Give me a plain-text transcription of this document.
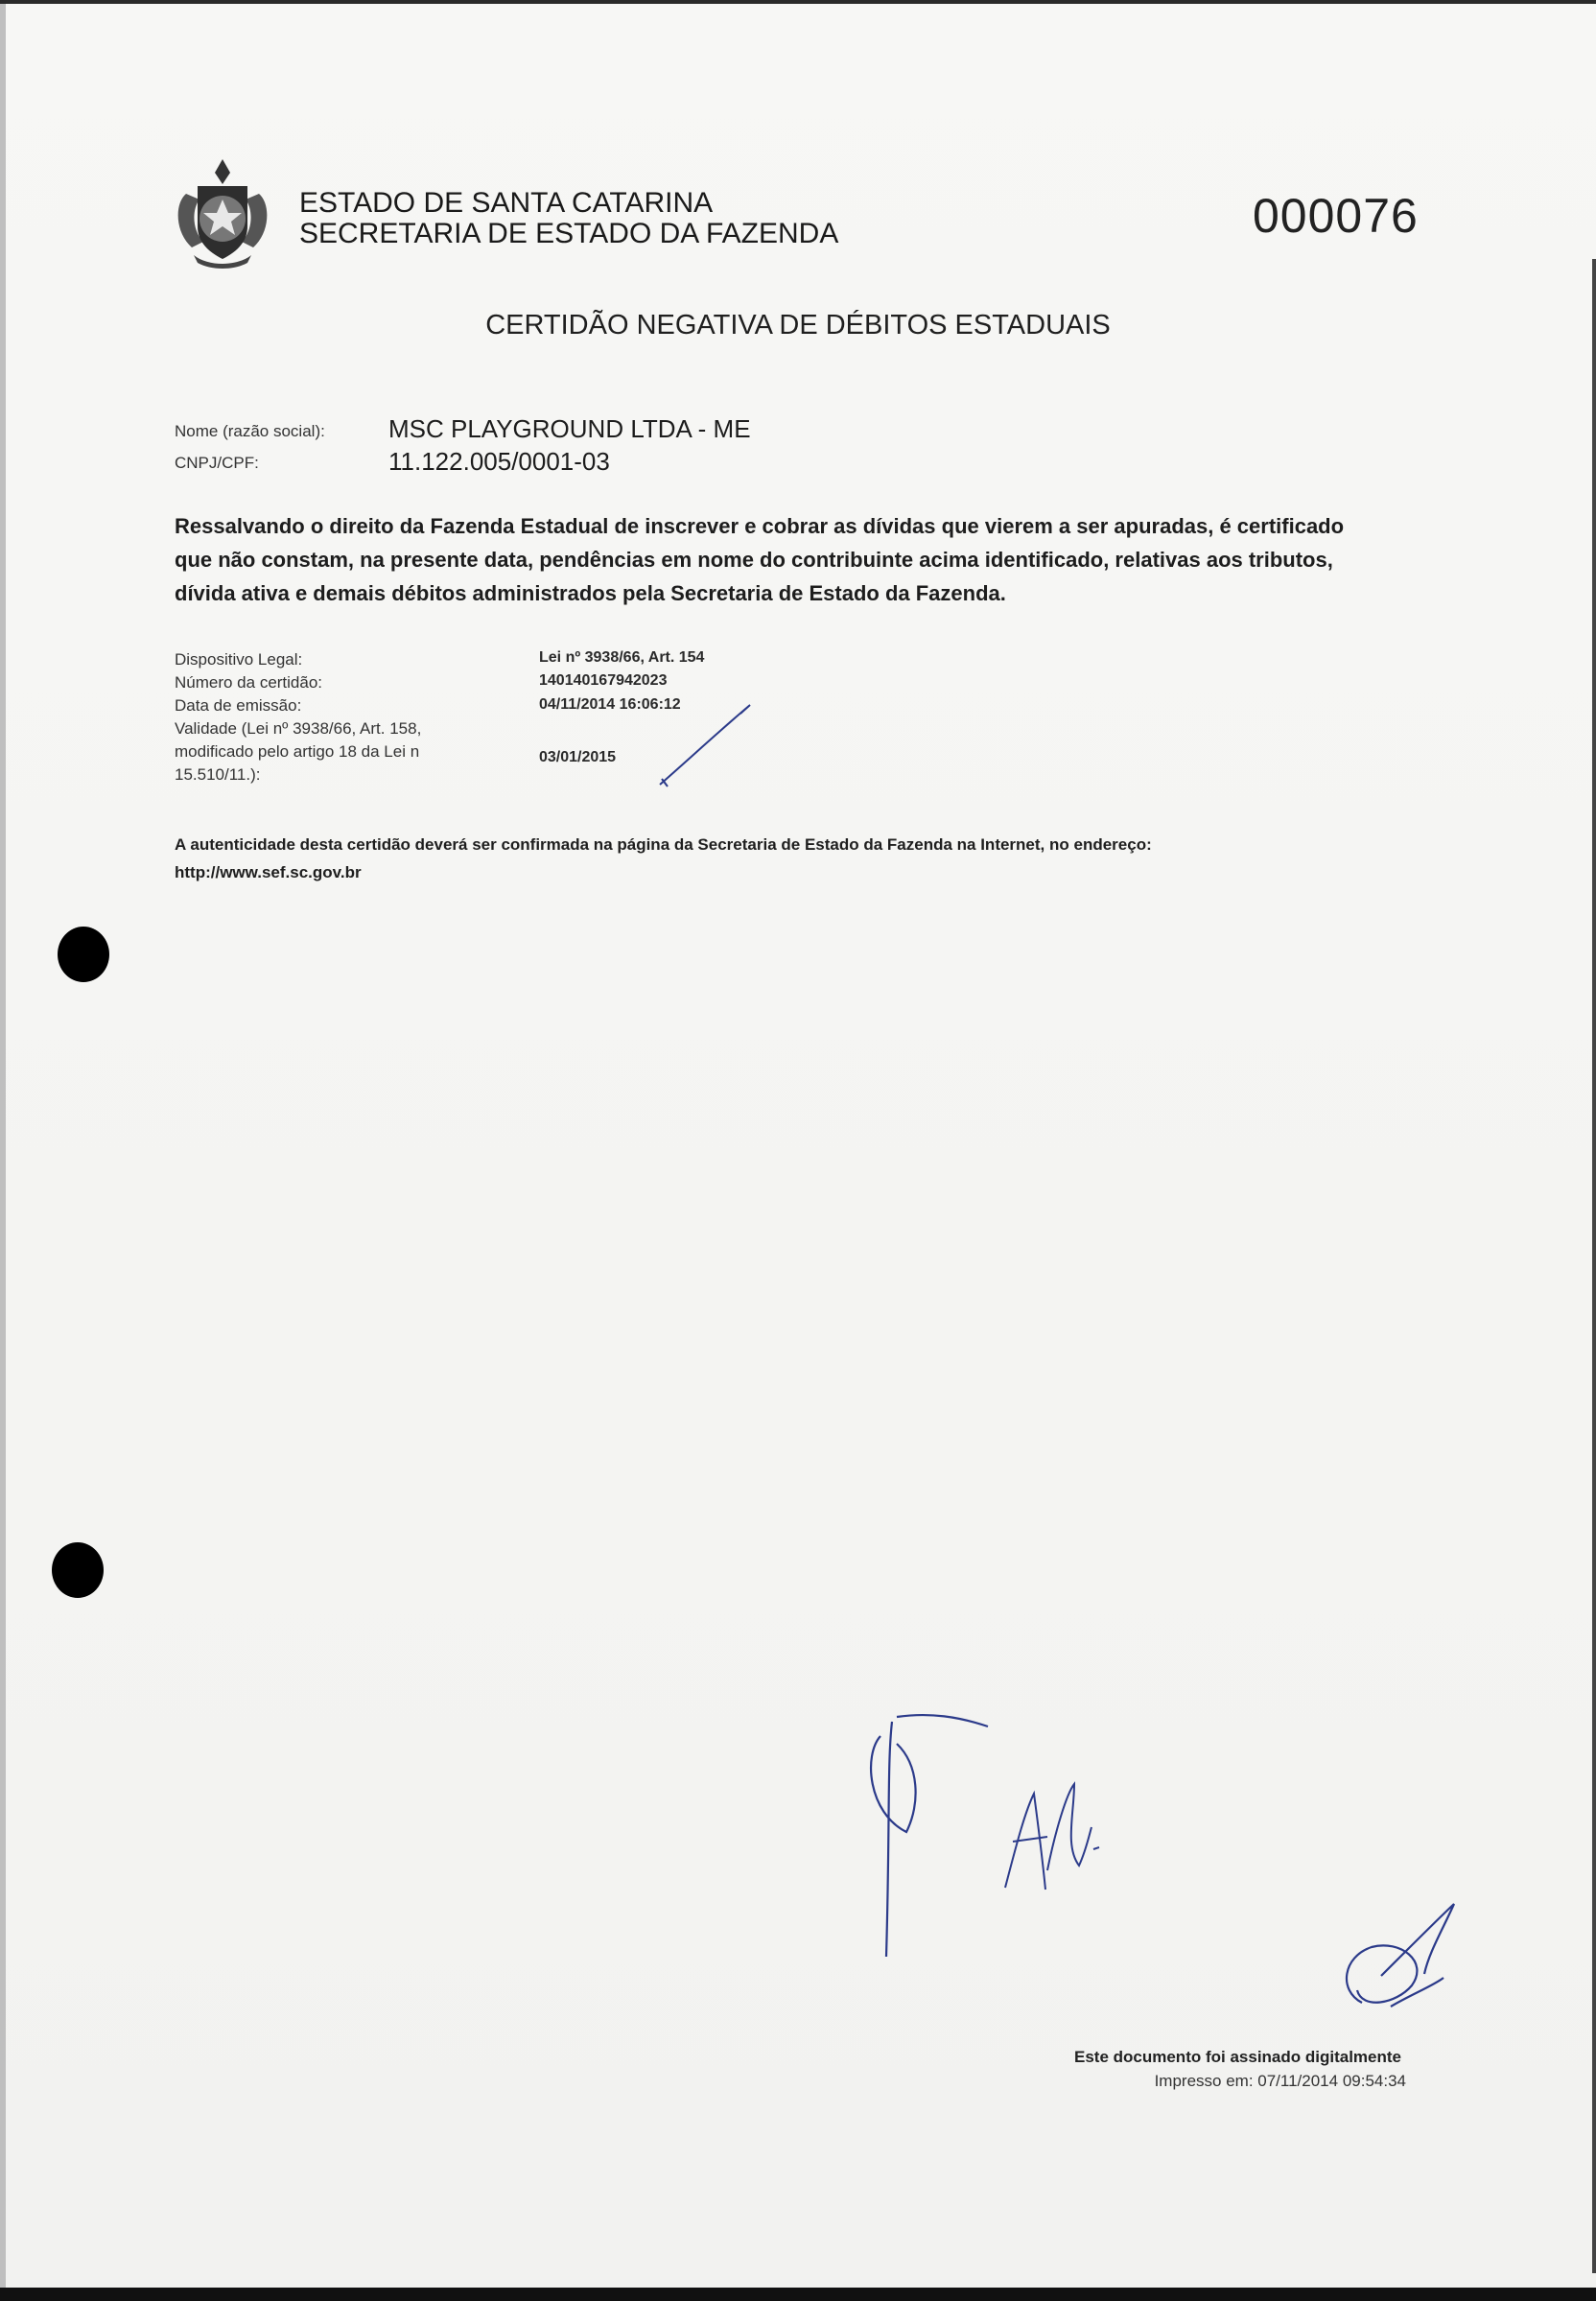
ESTADO DE SANTA CATARINA
SECRETARIA DE ESTADO DA FAZENDA	000076
CERTIDÃO NEGATIVA DE DÉBITOS ESTADUAIS
Nome (razão social):	MSC PLAYGROUND LTDA - ME
CNPJ/CPF:	11.122.005/0001-03
Ressalvando o direito da Fazenda Estadual de inscrever e cobrar as dívidas que vierem a ser apuradas, é certificado
que não constam, na presente data, pendências em nome do contribuinte acima identificado, relativas aos tributos,
dívida ativa e demais débitos administrados pela Secretaria de Estado da Fazenda.
Dispositivo Legal:	Lei nº 3938/66, Art. 154
Número da certidão:	140140167942023
Data de emissão:	04/11/2014 16:06:12
Validade (Lei nº 3938/66, Art. 158,
modificado pelo artigo 18 da Lei n
15.510/11.):
03/01/2015
A autenticidade desta certidão deverá ser confirmada na página da Secretaria de Estado da Fazenda na Internet, no endereço:
http://www.sef.sc.gov.br
Este documento foi assinado digitalmente
Impresso em: 07/11/2014 09:54:34
